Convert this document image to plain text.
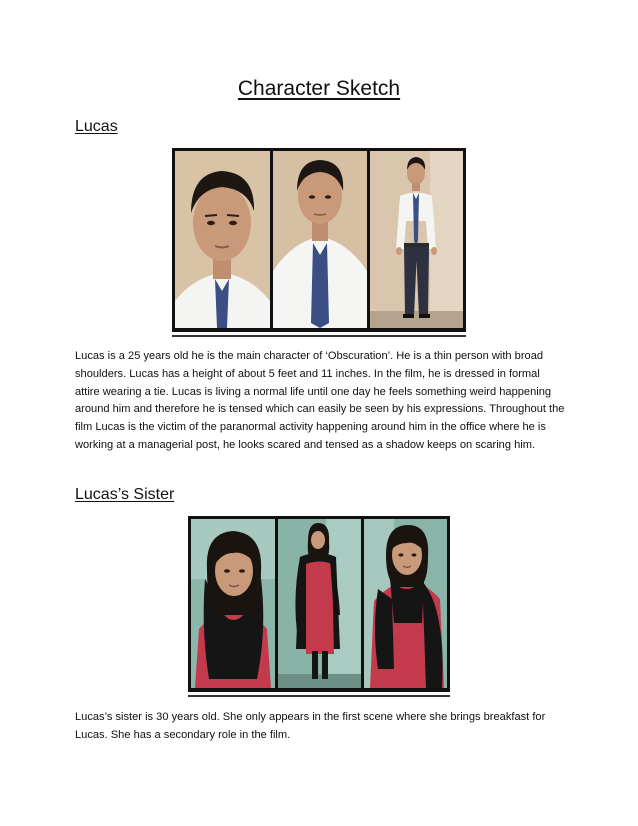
Character Sketch
Lucas

Lucas is a 25 years old he is the main character of ‘Obscuration’. He is a thin person with broad shoulders. Lucas has a height of about 5 feet and 11 inches. In the film, he is dressed in formal attire wearing a tie. Lucas is living a normal life until one day he feels something weird happening around him and therefore he is tensed which can easily be seen by his expressions. Throughout the film Lucas is the victim of the paranormal activity happening around him in the office where he is working at a managerial post, he looks scared and tensed as a shadow keeps on scaring him.

Lucas’s Sister

Lucas’s sister is 30 years old. She only appears in the first scene where she brings breakfast for Lucas. She has a secondary role in the film.
